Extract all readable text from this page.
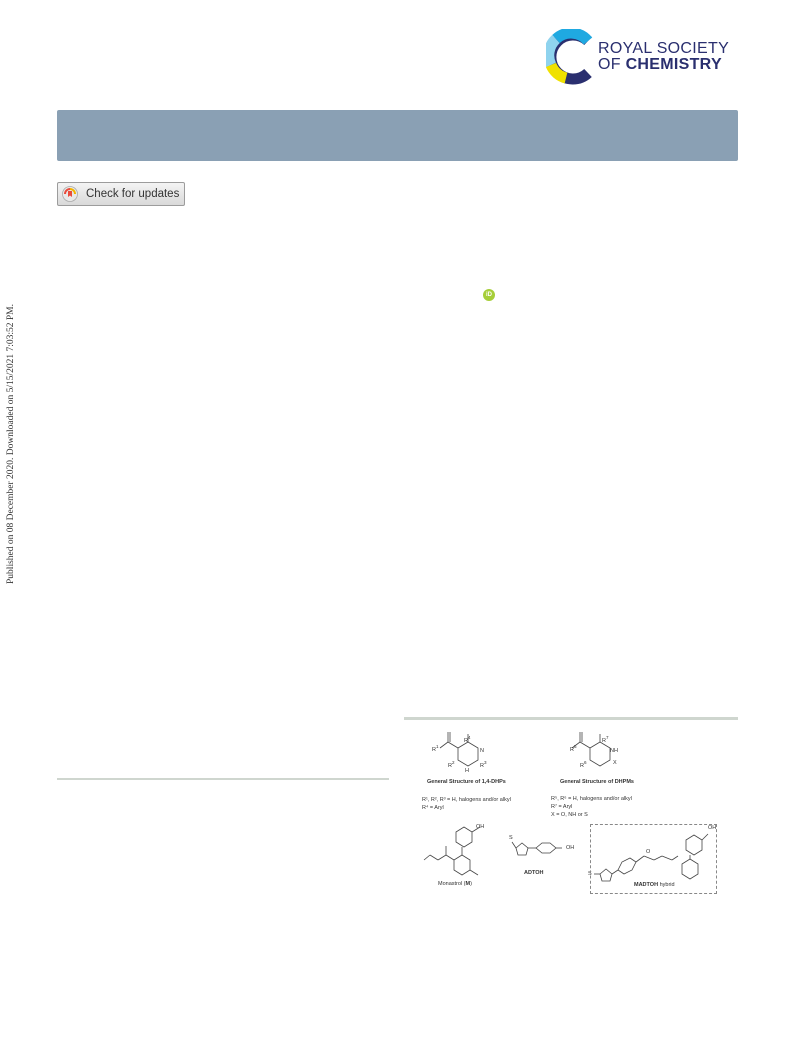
ROYAL SOCIETY
OF CHEMISTRY
Check for updates
Published on 08 December 2020. Downloaded on 5/15/2021 7:03:52 PM.
iD
$R^1$
$R^4$
$R^2$
$R^3$
N
H
$R^5$
$R^7$
$R^6$
NH
X
General Structure of 1,4-DHPs	General Structure of DHPMs
R¹, R², R³ = H, halogens and/or alkyl
R⁴ = Aryl
R⁵, R⁶ = H, halogens and/or alkyl
R⁷ = Aryl
X = O, NH or S
OH
OH
OH
S
S
O
Monastrol (M)
ADTOH
MADTOH hybrid
